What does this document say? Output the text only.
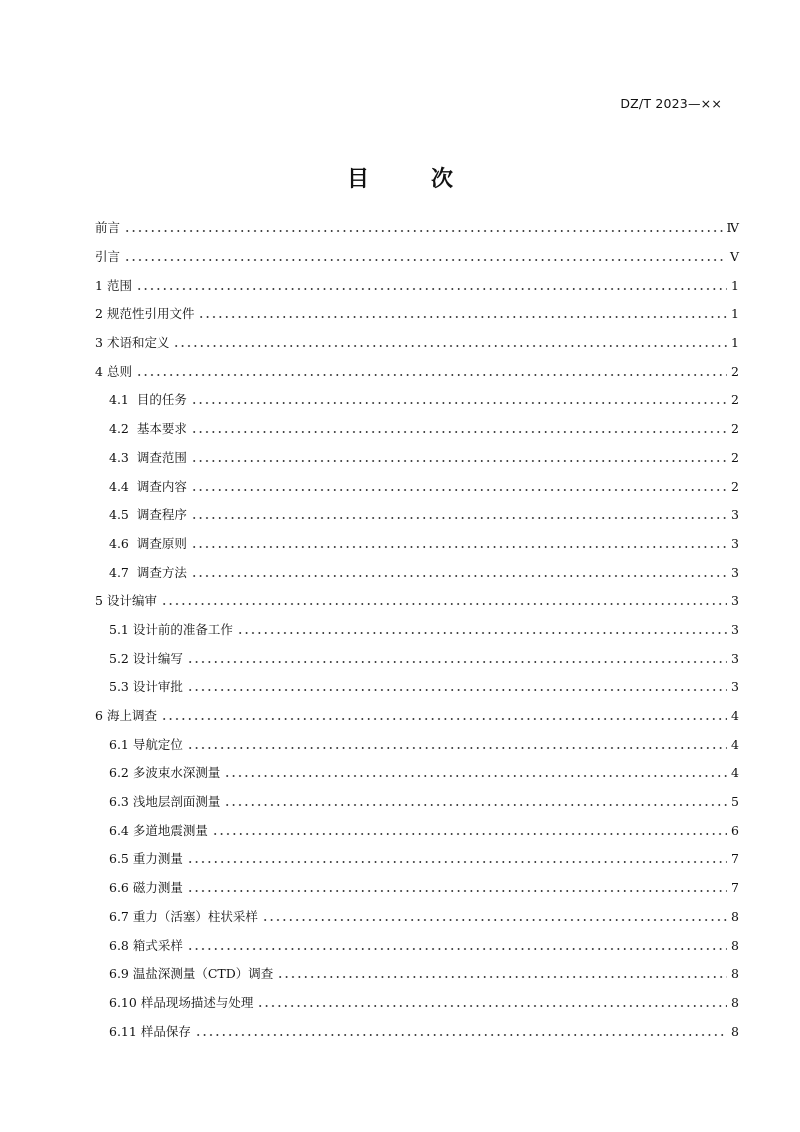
DZ/T 2023—××
目　次
前言	Ⅳ
引言	Ⅴ
1 范围	1
2 规范性引用文件	1
3 术语和定义	1
4 总则	2
4.1 目的任务	2
4.2 基本要求	2
4.3 调查范围	2
4.4 调查内容	2
4.5 调查程序	3
4.6 调查原则	3
4.7 调查方法	3
5 设计编审	3
5.1 设计前的准备工作	3
5.2 设计编写	3
5.3 设计审批	3
6 海上调查	4
6.1 导航定位	4
6.2 多波束水深测量	4
6.3 浅地层剖面测量	5
6.4 多道地震测量	6
6.5 重力测量	7
6.6 磁力测量	7
6.7 重力（活塞）柱状采样	8
6.8 箱式采样	8
6.9 温盐深测量（CTD）调查	8
6.10 样品现场描述与处理	8
6.11 样品保存	8
